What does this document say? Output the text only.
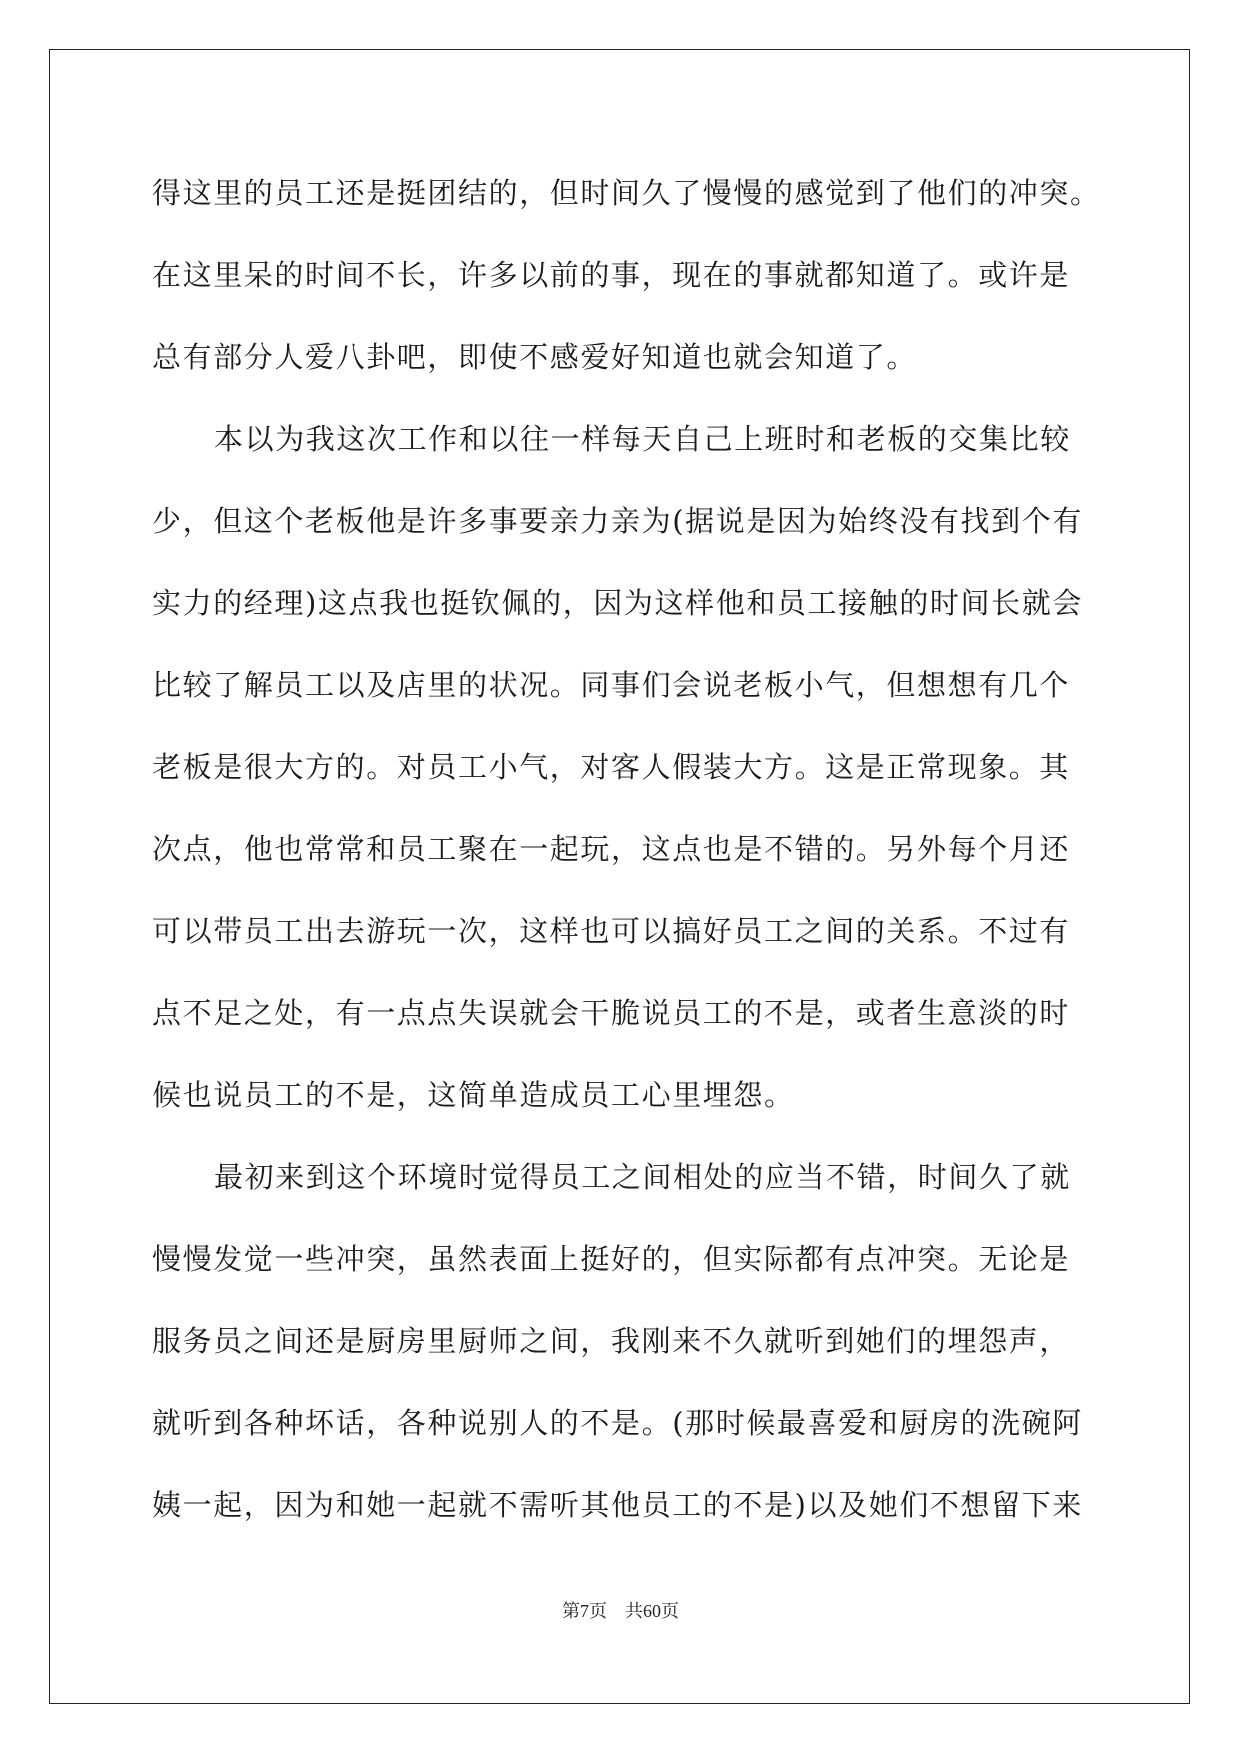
得这里的员工还是挺团结的，但时间久了慢慢的感觉到了他们的冲突。
在这里呆的时间不长，许多以前的事，现在的事就都知道了。或许是
总有部分人爱八卦吧，即使不感爱好知道也就会知道了。
本以为我这次工作和以往一样每天自己上班时和老板的交集比较
少，但这个老板他是许多事要亲力亲为(据说是因为始终没有找到个有
实力的经理)这点我也挺钦佩的，因为这样他和员工接触的时间长就会
比较了解员工以及店里的状况。同事们会说老板小气，但想想有几个
老板是很大方的。对员工小气，对客人假装大方。这是正常现象。其
次点，他也常常和员工聚在一起玩，这点也是不错的。另外每个月还
可以带员工出去游玩一次，这样也可以搞好员工之间的关系。不过有
点不足之处，有一点点失误就会干脆说员工的不是，或者生意淡的时
候也说员工的不是，这简单造成员工心里埋怨。
最初来到这个环境时觉得员工之间相处的应当不错，时间久了就
慢慢发觉一些冲突，虽然表面上挺好的，但实际都有点冲突。无论是
服务员之间还是厨房里厨师之间，我刚来不久就听到她们的埋怨声，
就听到各种坏话，各种说别人的不是。(那时候最喜爱和厨房的洗碗阿
姨一起，因为和她一起就不需听其他员工的不是)以及她们不想留下来
第7页　共60页
